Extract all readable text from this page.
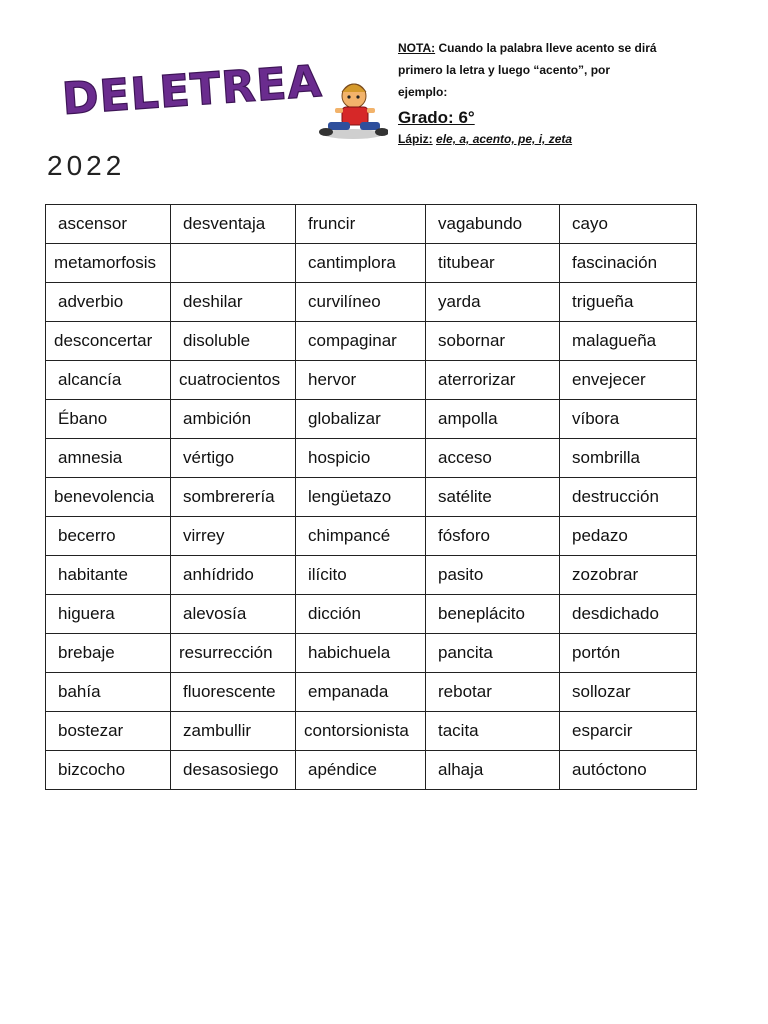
DELETREA
NOTA: Cuando la palabra lleve acento se dirá primero la letra y luego “acento”, por ejemplo:
Grado: 6°
Lápiz: ele, a, acento, pe, i, zeta
2022
ascensor	desventaja	fruncir	vagabundo	cayo
metamorfosis		cantimplora	titubear	fascinación
adverbio	deshilar	curvilíneo	yarda	trigueña
desconcertar	disoluble	compaginar	sobornar	malagueña
alcancía	cuatrocientos	hervor	aterrorizar	envejecer
Ébano	ambición	globalizar	ampolla	víbora
amnesia	vértigo	hospicio	acceso	sombrilla
benevolencia	sombrerería	lengüetazo	satélite	destrucción
becerro	virrey	chimpancé	fósforo	pedazo
habitante	anhídrido	ilícito	pasito	zozobrar
higuera	alevosía	dicción	beneplácito	desdichado
brebaje	resurrección	habichuela	pancita	portón
bahía	fluorescente	empanada	rebotar	sollozar
bostezar	zambullir	contorsionista	tacita	esparcir
bizcocho	desasosiego	apéndice	alhaja	autóctono
